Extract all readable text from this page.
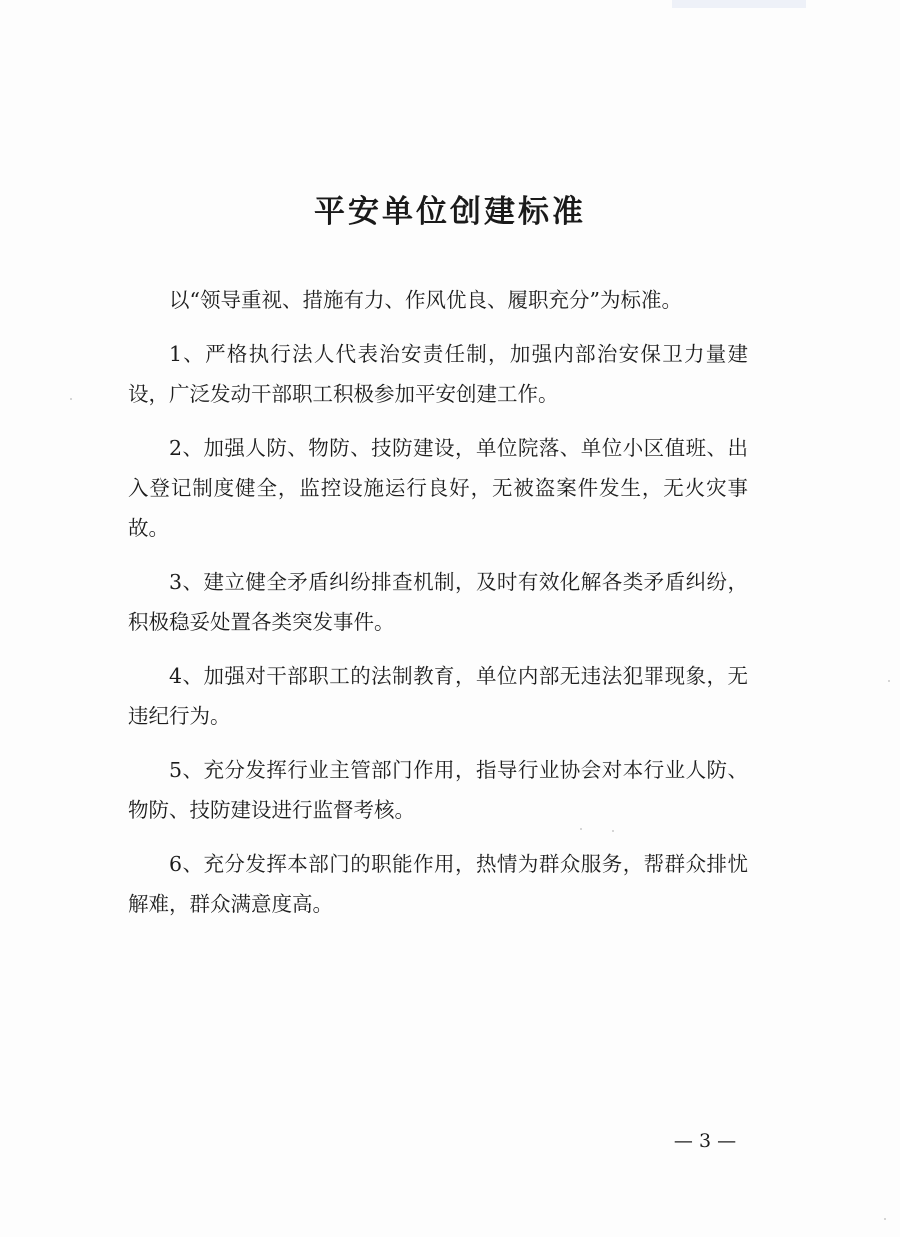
平安单位创建标准

以“领导重视、措施有力、作风优良、履职充分”为标准。

1、严格执行法人代表治安责任制，加强内部治安保卫力量建设，广泛发动干部职工积极参加平安创建工作。

2、加强人防、物防、技防建设，单位院落、单位小区值班、出入登记制度健全，监控设施运行良好，无被盗案件发生，无火灾事故。

3、建立健全矛盾纠纷排查机制，及时有效化解各类矛盾纠纷，积极稳妥处置各类突发事件。

4、加强对干部职工的法制教育，单位内部无违法犯罪现象，无违纪行为。

5、充分发挥行业主管部门作用，指导行业协会对本行业人防、物防、技防建设进行监督考核。

6、充分发挥本部门的职能作用，热情为群众服务，帮群众排忧解难，群众满意度高。

— 3 —
